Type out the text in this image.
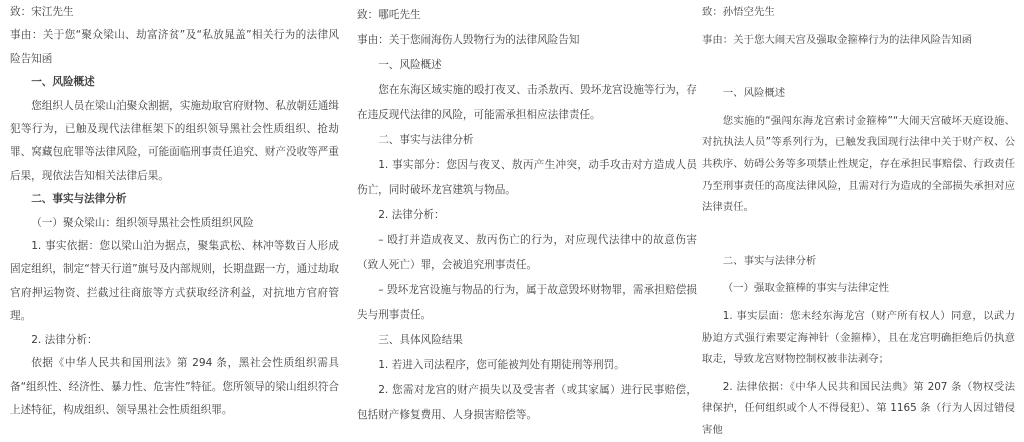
致：宋江先生

事由：关于您“聚众梁山、劫富济贫”及“私放晁盖”相关行为的法律风险告知函

一、风险概述

您组织人员在梁山泊聚众割据，实施劫取官府财物、私放朝廷通缉犯等行为，已触及现代法律框架下的组织领导黑社会性质组织、抢劫罪、窝藏包庇罪等法律风险，可能面临刑事责任追究、财产没收等严重后果，现依法告知相关法律后果。

二、事实与法律分析

（一）聚众梁山：组织领导黑社会性质组织风险

1. 事实依据：您以梁山泊为据点，聚集武松、林冲等数百人形成固定组织，制定“替天行道”旗号及内部规则，长期盘踞一方，通过劫取官府押运物资、拦截过往商旅等方式获取经济利益，对抗地方官府管理。

2. 法律分析：

依据《中华人民共和国刑法》第 294 条，黑社会性质组织需具备“组织性、经济性、暴力性、危害性”特征。您所领导的梁山组织符合上述特征，构成组织、领导黑社会性质组织罪。

致：哪吒先生

事由：关于您闹海伤人毁物行为的法律风险告知

一、风险概述

您在东海区域实施的殴打夜叉、击杀敖丙、毁坏龙宫设施等行为，存在违反现代法律的风险，可能需承担相应法律责任。

二、事实与法律分析

1. 事实部分：您因与夜叉、敖丙产生冲突，动手攻击对方造成人员伤亡，同时破坏龙宫建筑与物品。

2. 法律分析：

– 殴打并造成夜叉、敖丙伤亡的行为，对应现代法律中的故意伤害（致人死亡）罪，会被追究刑事责任。

– 毁坏龙宫设施与物品的行为，属于故意毁坏财物罪，需承担赔偿损失与刑事责任。

三、具体风险结果

1. 若进入司法程序，您可能被判处有期徒刑等刑罚。

2. 您需对龙宫的财产损失以及受害者（或其家属）进行民事赔偿，包括财产修复费用、人身损害赔偿等。

致：孙悟空先生

事由：关于您大闹天宫及强取金箍棒行为的法律风险告知函

一、风险概述

您实施的“强闯东海龙宫索讨金箍棒”“大闹天宫破坏天庭设施、对抗执法人员”等系列行为，已触发我国现行法律中关于财产权、公共秩序、妨碍公务等多项禁止性规定，存在承担民事赔偿、行政责任乃至刑事责任的高度法律风险，且需对行为造成的全部损失承担对应法律责任。

二、事实与法律分析

（一）强取金箍棒的事实与法律定性

1. 事实层面：您未经东海龙宫（财产所有权人）同意，以武力胁迫方式强行索要定海神针（金箍棒），且在龙宫明确拒绝后仍执意取走，导致龙宫财物控制权被非法剥夺；

2. 法律依据：《中华人民共和国民法典》第 207 条（物权受法律保护，任何组织或个人不得侵犯）、第 1165 条（行为人因过错侵害他
